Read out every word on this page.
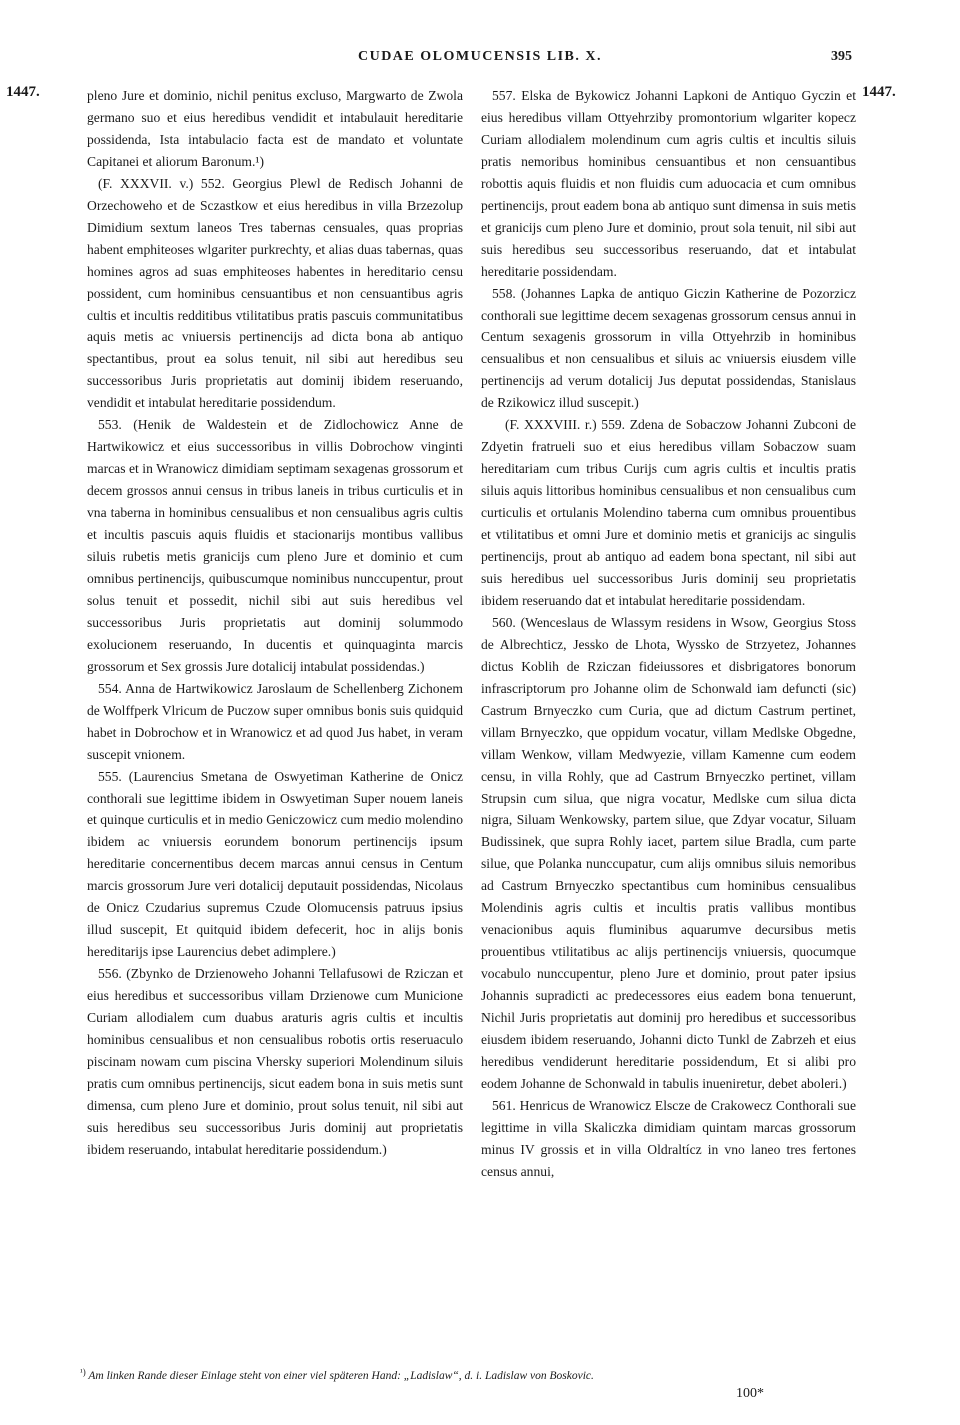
CUDAE OLOMUCENSIS LIB. X.	395
1447.	1447.

pleno Jure et dominio, nichil penitus excluso, Margwarto de Zwola germano suo et eius heredibus vendidit et intabulauit hereditarie possidenda, Ista intabulacio facta est de mandato et voluntate Capitanei et aliorum Baronum.¹)

(F. XXXVII. v.) 552. Georgius Plewl de Redisch Johanni de Orzechoweho et de Sczastkow et eius heredibus in villa Brzezolup Dimidium sextum laneos Tres tabernas censuales, quas proprias habent emphiteoses wlgariter purkrechty, et alias duas tabernas, quas homines agros ad suas emphiteoses habentes in hereditario censu possident, cum hominibus censuantibus et non censuantibus agris cultis et incultis redditibus vtilitatibus pratis pascuis communitatibus aquis metis ac vniuersis pertinencijs ad dicta bona ab antiquo spectantibus, prout ea solus tenuit, nil sibi aut heredibus seu successoribus Juris proprietatis aut dominij ibidem reseruando, vendidit et intabulat hereditarie possidendum.

553. (Henik de Waldestein et de Zidlochowicz Anne de Hartwikowicz et eius successoribus in villis Dobrochow vinginti marcas et in Wranowicz dimidiam septimam sexagenas grossorum et decem grossos annui census in tribus laneis in tribus curticulis et in vna taberna in hominibus censualibus et non censualibus agris cultis et incultis pascuis aquis fluidis et stacionarijs montibus vallibus siluis rubetis metis granicijs cum pleno Jure et dominio et cum omnibus pertinencijs, quibuscumque nominibus nunccupentur, prout solus tenuit et possedit, nichil sibi aut suis heredibus vel successoribus Juris proprietatis aut dominij solummodo exolucionem reseruando, In ducentis et quinquaginta marcis grossorum et Sex grossis Jure dotalicij intabulat possidendas.)

554. Anna de Hartwikowicz Jaroslaum de Schellenberg Zichonem de Wolffperk Vlricum de Puczow super omnibus bonis suis quidquid habet in Dobrochow et in Wranowicz et ad quod Jus habet, in veram suscepit vnionem.

555. (Laurencius Smetana de Oswyetiman Katherine de Onicz conthorali sue legittime ibidem in Oswyetiman Super nouem laneis et quinque curticulis et in medio Geniczowicz cum medio molendino ibidem ac vniuersis eorundem bonorum pertinencijs ipsum hereditarie concernentibus decem marcas annui census in Centum marcis grossorum Jure veri dotalicij deputauit possidendas, Nicolaus de Onicz Czudarius supremus Czude Olomucensis patruus ipsius illud suscepit, Et quitquid ibidem defecerit, hoc in alijs bonis hereditarijs ipse Laurencius debet adimplere.)

556. (Zbynko de Drzienoweho Johanni Tellafusowi de Rziczan et eius heredibus et successoribus villam Drzienowe cum Municione Curiam allodialem cum duabus araturis agris cultis et incultis hominibus censualibus et non censualibus robotis ortis reseruaculo piscinam nowam cum piscina Vhersky superiori Molendinum siluis pratis cum omnibus pertinencijs, sicut eadem bona in suis metis sunt dimensa, cum pleno Jure et dominio, prout solus tenuit, nil sibi aut suis heredibus seu successoribus Juris dominij aut proprietatis ibidem reseruando, intabulat hereditarie possidendum.)

557. Elska de Bykowicz Johanni Lapkoni de Antiquo Gyczin et eius heredibus villam Ottyehrziby promontorium wlgariter kopecz Curiam allodialem molendinum cum agris cultis et incultis siluis pratis nemoribus hominibus censuantibus et non censuantibus robottis aquis fluidis et non fluidis cum aduocacia et cum omnibus pertinencijs, prout eadem bona ab antiquo sunt dimensa in suis metis et granicijs cum pleno Jure et dominio, prout sola tenuit, nil sibi aut suis heredibus seu successoribus reseruando, dat et intabulat hereditarie possidendam.

558. (Johannes Lapka de antiquo Giczin Katherine de Pozorzicz conthorali sue legittime decem sexagenas grossorum census annui in Centum sexagenis grossorum in villa Ottyehrzib in hominibus censualibus et non censualibus et siluis ac vniuersis eiusdem ville pertinencijs ad verum dotalicij Jus deputat possidendas, Stanislaus de Rzikowicz illud suscepit.)

(F. XXXVIII. r.) 559. Zdena de Sobaczow Johanni Zubconi de Zdyetin fratrueli suo et eius heredibus villam Sobaczow suam hereditariam cum tribus Curijs cum agris cultis et incultis pratis siluis aquis littoribus hominibus censualibus et non censualibus cum curticulis et ortulanis Molendino taberna cum omnibus prouentibus et vtilitatibus et omni Jure et dominio metis et granicijs ac singulis pertinencijs, prout ab antiquo ad eadem bona spectant, nil sibi aut suis heredibus uel successoribus Juris dominij seu proprietatis ibidem reseruando dat et intabulat hereditarie possidendam.

560. (Wenceslaus de Wlassym residens in Wsow, Georgius Stoss de Albrechticz, Jessko de Lhota, Wyssko de Strzyetez, Johannes dictus Koblih de Rziczan fideiussores et disbrigatores bonorum infrascriptorum pro Johanne olim de Schonwald iam defuncti (sic) Castrum Brnyeczko cum Curia, que ad dictum Castrum pertinet, villam Brnyeczko, que oppidum vocatur, villam Medlske Obgedne, villam Wenkow, villam Medwyezie, villam Kamenne cum eodem censu, in villa Rohly, que ad Castrum Brnyeczko pertinet, villam Strupsin cum silua, que nigra vocatur, Medlske cum silua dicta nigra, Siluam Wenkowsky, partem silue, que Zdyar vocatur, Siluam Budissinek, que supra Rohly iacet, partem silue Bradla, cum parte silue, que Polanka nunccupatur, cum alijs omnibus siluis nemoribus ad Castrum Brnyeczko spectantibus cum hominibus censualibus Molendinis agris cultis et incultis pratis vallibus montibus venacionibus aquis fluminibus aquarumve decursibus metis prouentibus vtilitatibus ac alijs pertinencijs vniuersis, quocumque vocabulo nunccupentur, pleno Jure et dominio, prout pater ipsius Johannis supradicti ac predecessores eius eadem bona tenuerunt, Nichil Juris proprietatis aut dominij pro heredibus et successoribus eiusdem ibidem reseruando, Johanni dicto Tunkl de Zabrzeh et eius heredibus vendiderunt hereditarie possidendum, Et si alibi pro eodem Johanne de Schonwald in tabulis inueniretur, debet aboleri.)

561. Henricus de Wranowicz Elscze de Crakowecz Conthorali sue legittime in villa Skaliczka dimidiam quintam marcas grossorum minus IV grossis et in villa Oldraltícz in vno laneo tres fertones census annui,

$^{^1)}$ Am linken Rande dieser Einlage steht von einer viel späteren Hand: „Ladislaw“, d. i. Ladislaw von Boskovic.
100*
